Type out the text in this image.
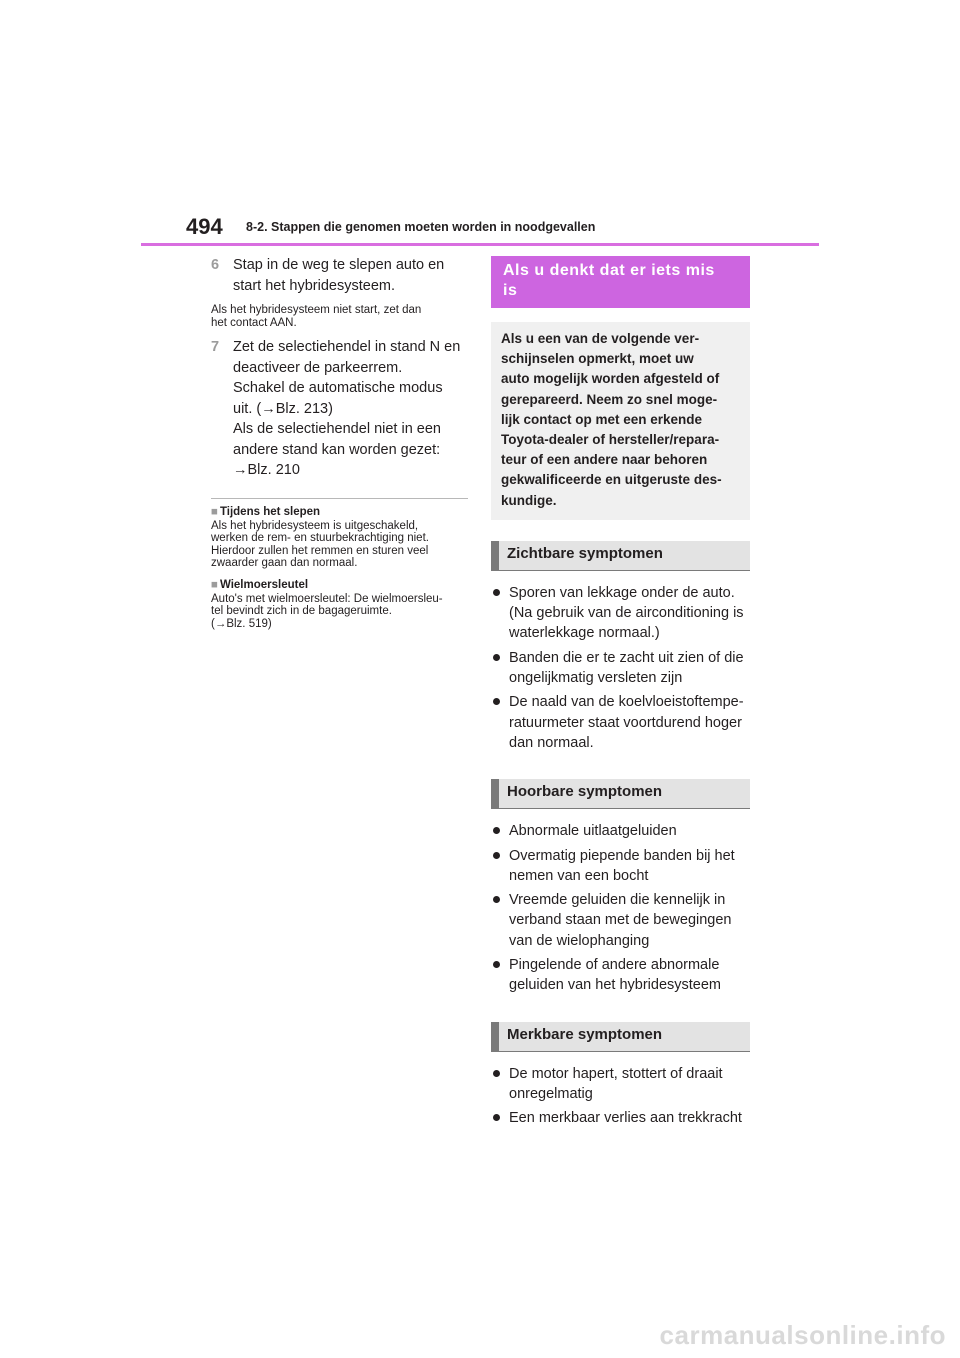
494 8-2. Stappen die genomen moeten worden in noodgevallen
6 Stap in de weg te slepen auto en
start het hybridesysteem.
Als het hybridesysteem niet start, zet dan
het contact AAN.
7 Zet de selectiehendel in stand N en
deactiveer de parkeerrem.
Schakel de automatische modus
uit. (→Blz. 213)
Als de selectiehendel niet in een
andere stand kan worden gezet:
→Blz. 210
■ Tijdens het slepen
Als het hybridesysteem is uitgeschakeld,
werken de rem- en stuurbekrachtiging niet.
Hierdoor zullen het remmen en sturen veel
zwaarder gaan dan normaal.
■ Wielmoersleutel
Auto's met wielmoersleutel: De wielmoersleu-
tel bevindt zich in de bagageruimte.
(→Blz. 519)
Als u denkt dat er iets mis
is
Als u een van de volgende ver-
schijnselen opmerkt, moet uw
auto mogelijk worden afgesteld of
gerepareerd. Neem zo snel moge-
lijk contact op met een erkende
Toyota-dealer of hersteller/repara-
teur of een andere naar behoren
gekwalificeerde en uitgeruste des-
kundige.
Zichtbare symptomen
Sporen van lekkage onder de auto.
(Na gebruik van de airconditioning is
waterlekkage normaal.)
Banden die er te zacht uit zien of die
ongelijkmatig versleten zijn
De naald van de koelvloeistoftempe-
ratuurmeter staat voortdurend hoger
dan normaal.
Hoorbare symptomen
Abnormale uitlaatgeluiden
Overmatig piepende banden bij het
nemen van een bocht
Vreemde geluiden die kennelijk in
verband staan met de bewegingen
van de wielophanging
Pingelende of andere abnormale
geluiden van het hybridesysteem
Merkbare symptomen
De motor hapert, stottert of draait
onregelmatig
Een merkbaar verlies aan trekkracht
carmanualsonline.info
